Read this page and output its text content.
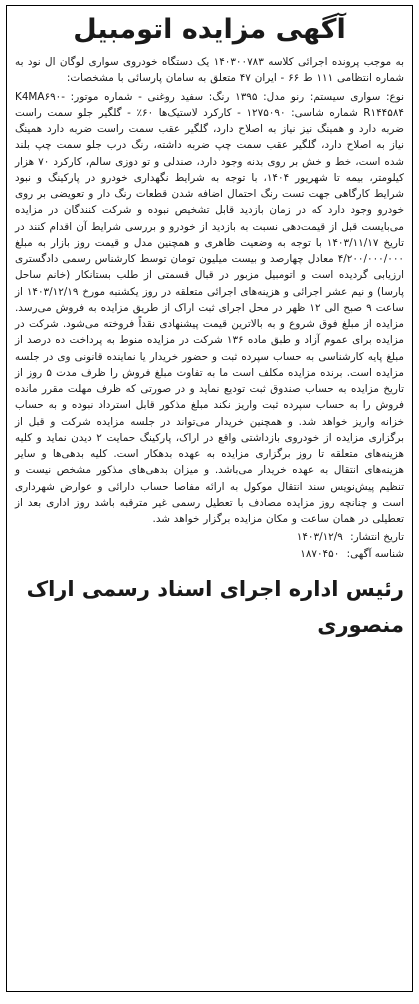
آگهی مزایده اتومبیل

به موجب پرونده اجرائی کلاسه ۱۴۰۳۰۰۷۸۳ یک دستگاه خودروی سواری لوگان ال نود به شماره انتظامی ۱۱۱ ط ۶۶ - ایران ۴۷ متعلق به سامان پارسائی با مشخصات:

نوع: سواری سیستم: رنو مدل: ۱۳۹۵ رنگ: سفید روغنی - شماره موتور: K4MA۶۹۰-R۱۴۴۵۸۴ شماره شاسی: ۱۲۷۵۰۹۰ - کارکرد لاستیک‌ها ۶۰٪ - گلگیر جلو سمت راست ضربه دارد و همینگ نیز نیاز به اصلاح دارد، گلگیر عقب سمت راست ضربه دارد همینگ نیاز به اصلاح دارد، گلگیر عقب سمت چپ ضربه داشته، رنگ درب جلو سمت چپ بلند شده است، خط و خش بر روی بدنه وجود دارد، صندلی و تو دوزی سالم، کارکرد ۷۰ هزار کیلومتر، بیمه تا شهریور ۱۴۰۴، با توجه به شرایط نگهداری خودرو در پارکینگ و نبود شرایط کارگاهی جهت تست رنگ احتمال اضافه شدن قطعات رنگ دار و تعویضی بر روی خودرو وجود دارد که در زمان بازدید قابل تشخیص نبوده و شرکت کنندگان در مزایده می‌بایست قبل از قیمت‌دهی نسبت به بازدید از خودرو و بررسی شرایط آن اقدام کنند در تاریخ ۱۴۰۳/۱۱/۱۷ با توجه به وضعیت ظاهری و همچنین مدل و قیمت روز بازار به مبلغ ۴/۲۰۰/۰۰۰/۰۰۰ معادل چهارصد و بیست میلیون تومان توسط کارشناس رسمی دادگستری ارزیابی گردیده است و اتومبیل مزبور در قبال قسمتی از طلب بستانکار (خانم ساحل پارسا) و نیم عشر اجرائی و هزینه‌های اجرائی متعلقه در روز یکشنبه مورخ ۱۴۰۳/۱۲/۱۹ از ساعت ۹ صبح الی ۱۲ ظهر در محل اجرای ثبت اراک از طریق مزایده به فروش می‌رسد. مزایده از مبلغ فوق شروع و به بالاترین قیمت پیشنهادی نقداً فروخته می‌شود. شرکت در مزایده برای عموم آزاد و طبق ماده ۱۳۶ شرکت در مزایده منوط به پرداخت ده درصد از مبلغ پایه کارشناسی به حساب سپرده ثبت و حضور خریدار یا نماینده قانونی وی در جلسه مزایده است. برنده مزایده مکلف است ما به تفاوت مبلغ فروش را ظرف مدت ۵ روز از تاریخ مزایده به حساب صندوق ثبت تودیع نماید و در صورتی که ظرف مهلت مقرر مانده فروش را به حساب سپرده ثبت واریز نکند مبلغ مذکور قابل استرداد نبوده و به حساب خزانه واریز خواهد شد. و همچنین خریدار می‌تواند در جلسه مزایده شرکت و قبل از برگزاری مزایده از خودروی بازداشتی واقع در اراک، پارکینگ حمایت ۲ دیدن نماید و کلیه هزینه‌های متعلقه تا روز برگزاری مزایده به عهده بدهکار است. کلیه بدهی‌ها و سایر هزینه‌های انتقال به عهده خریدار می‌باشد. و میزان بدهی‌های مذکور مشخص نیست و تنظیم پیش‌نویس سند انتقال موکول به ارائه مفاصا حساب دارائی و عوارض شهرداری است و چنانچه روز مزایده مصادف با تعطیل رسمی غیر مترقبه باشد روز اداری بعد از تعطیلی در همان ساعت و مکان مزایده برگزار خواهد شد.

تاریخ انتشار: ۱۴۰۳/۱۲/۹

شناسه آگهی: ۱۸۷۰۴۵۰

رئیس اداره اجرای اسناد رسمی اراک
منصوری
